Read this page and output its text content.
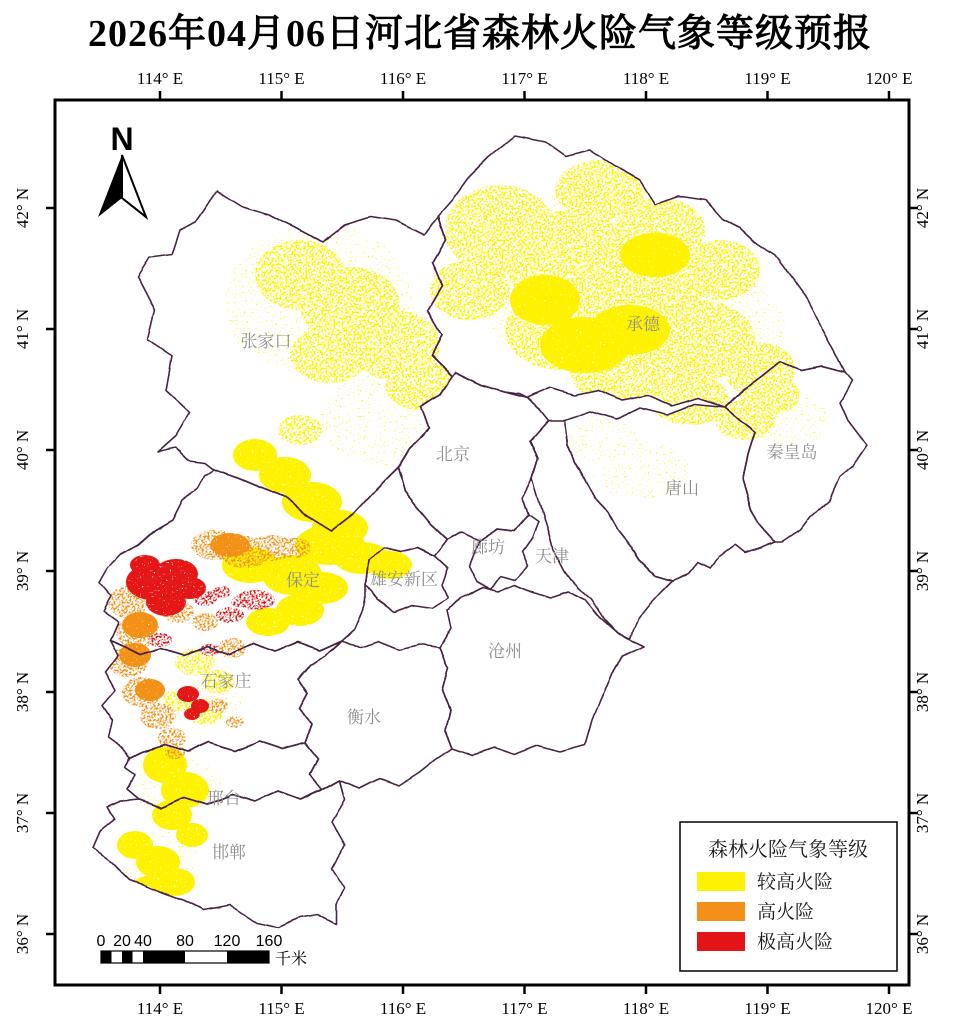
2026年04月06日河北省森林火险气象等级预报
114° E	115° E	116° E	117° E	118° E	119° E	120° E
114° E	115° E	116° E	117° E	118° E	119° E	120° E
42° N
41° N
40° N
39° N
38° N
37° N
36° N
42° N
41° N
40° N
39° N
38° N
37° N
36° N
N
张家口
承德
北京	秦皇岛
唐山
廊坊 天津
保定	雄安新区
沧州
石家庄
衡水
邢台
邯郸
0 20 40 80 120 160
千米
森林火险气象等级
较高火险
高火险
极高火险
